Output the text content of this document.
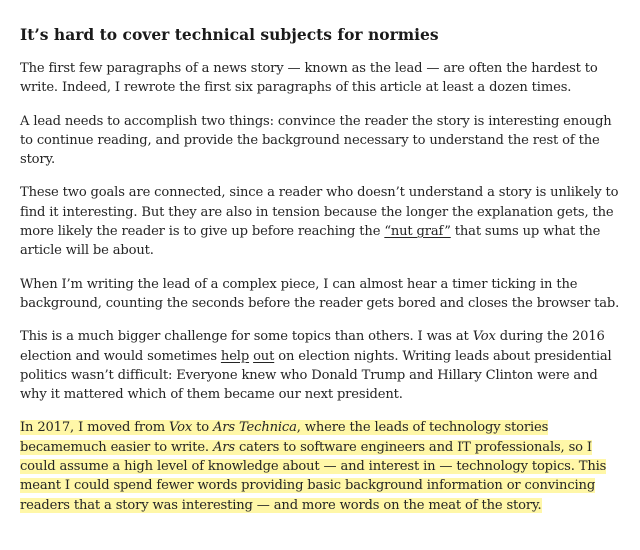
It’s hard to cover technical subjects for normies

The first few paragraphs of a news story — known as the lead — are often the hardest to write. Indeed, I rewrote the first six paragraphs of this article at least a dozen times.

A lead needs to accomplish two things: convince the reader the story is interesting enough to continue reading, and provide the background necessary to understand the rest of the story.

These two goals are connected, since a reader who doesn’t understand a story is unlikely to find it interesting. But they are also in tension because the longer the explanation gets, the more likely the reader is to give up before reaching the “nut graf” that sums up what the article will be about.

When I’m writing the lead of a complex piece, I can almost hear a timer ticking in the background, counting the seconds before the reader gets bored and closes the browser tab.

This is a much bigger challenge for some topics than others. I was at Vox during the 2016 election and would sometimes help out on election nights. Writing leads about presidential politics wasn’t difficult: Everyone knew who Donald Trump and Hillary Clinton were and why it mattered which of them became our next president.

In 2017, I moved from Vox to Ars Technica, where the leads of technology stories becamemuch easier to write. Ars caters to software engineers and IT professionals, so I could assume a high level of knowledge about — and interest in — technology topics. This meant I could spend fewer words providing basic background information or convincing readers that a story was interesting — and more words on the meat of the story.
